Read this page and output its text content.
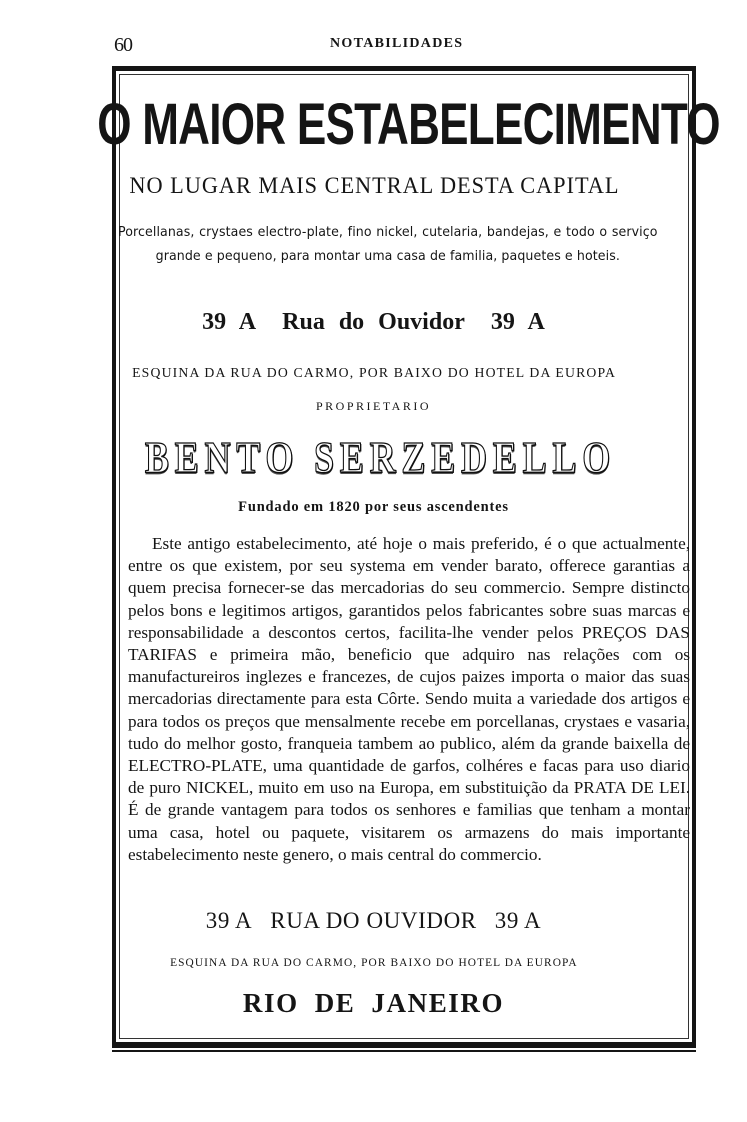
60	NOTABILIDADES
O MAIOR ESTABELECIMENTO
NO LUGAR MAIS CENTRAL DESTA CAPITAL

Porcellanas, crystaes electro-plate, fino nickel, cutelaria, bandejas, e todo o serviço grande e pequeno, para montar uma casa de familia, paquetes e hoteis.

39 A Rua do Ouvidor 39 A
ESQUINA DA RUA DO CARMO, POR BAIXO DO HOTEL DA EUROPA
PROPRIETARIO
BENTO SERZEDELLO
Fundado em 1820 por seus ascendentes

Este antigo estabelecimento, até hoje o mais preferido, é o que actualmente, entre os que existem, por seu systema em vender barato, offerece garantias a quem precisa fornecer-se das mercadorias do seu commercio. Sempre distincto pelos bons e legitimos artigos, garantidos pelos fabricantes sobre suas marcas e responsabilidade a descontos certos, facilita-lhe vender pelos PREÇOS DAS TARIFAS e primeira mão, beneficio que adquiro nas relações com os manufactureiros inglezes e francezes, de cujos paizes importa o maior das suas mercadorias directamente para esta Côrte. Sendo muita a variedade dos artigos e para todos os preços que mensalmente recebe em porcellanas, crystaes e vasaria, tudo do melhor gosto, franqueia tambem ao publico, além da grande baixella de ELECTRO-PLATE, uma quantidade de garfos, colhéres e facas para uso diario de puro NICKEL, muito em uso na Europa, em substituição da PRATA DE LEI. É de grande vantagem para todos os senhores e familias que tenham a montar uma casa, hotel ou paquete, visitarem os armazens do mais importante estabelecimento neste genero, o mais central do commercio.

39 A RUA DO OUVIDOR 39 A
ESQUINA DA RUA DO CARMO, POR BAIXO DO HOTEL DA EUROPA
RIO DE JANEIRO
